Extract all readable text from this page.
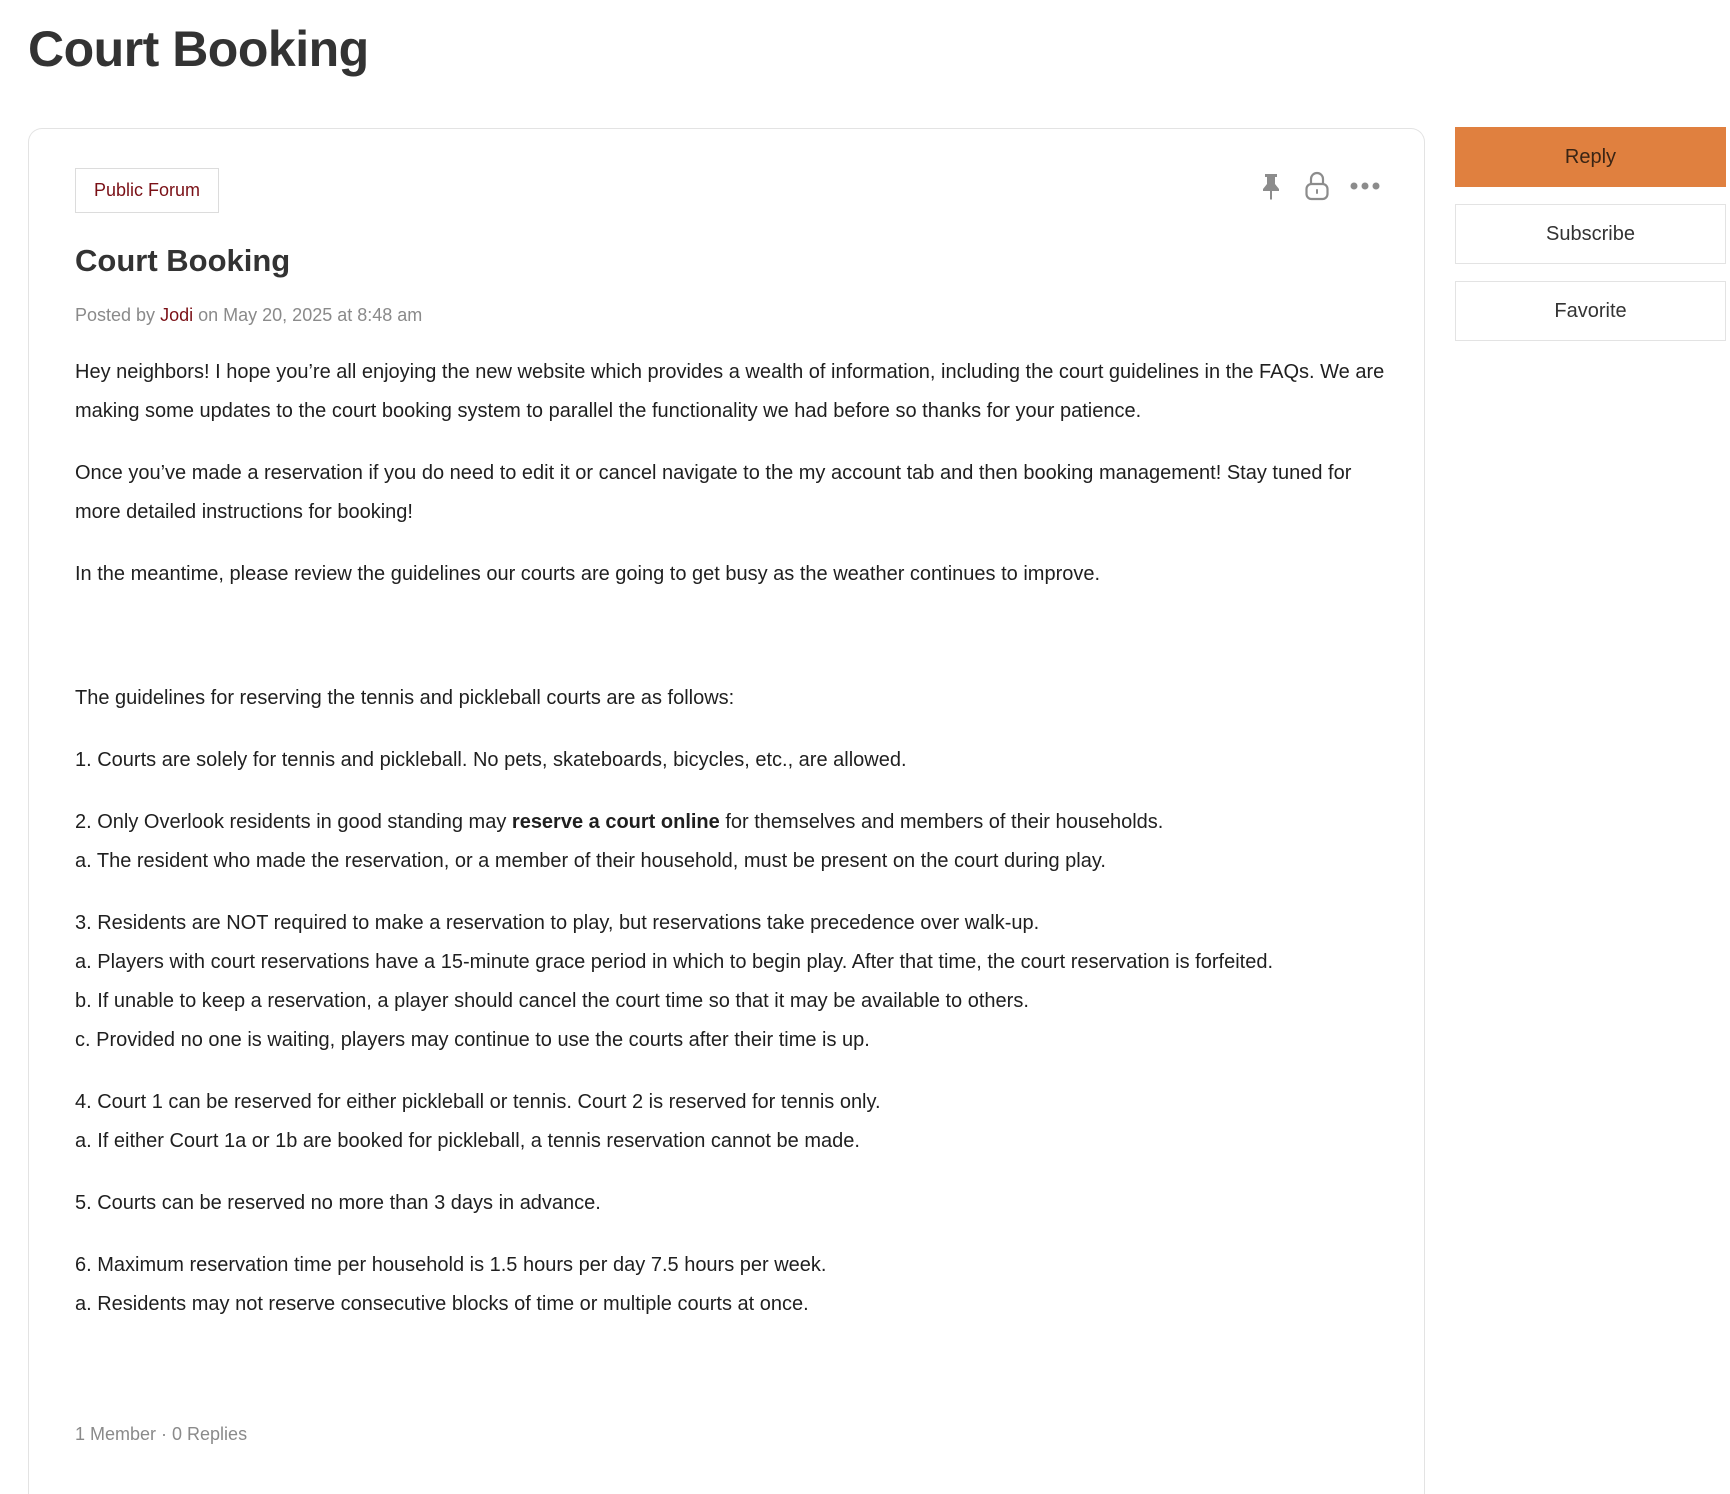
Court Booking
Public Forum
Court Booking
Posted by Jodi on May 20, 2025 at 8:48 am

Hey neighbors! I hope you’re all enjoying the new website which provides a wealth of information, including the court guidelines in the FAQs. We are making some updates to the court booking system to parallel the functionality we had before so thanks for your patience.

Once you’ve made a reservation if you do need to edit it or cancel navigate to the my account tab and then booking management! Stay tuned for more detailed instructions for booking!

In the meantime, please review the guidelines our courts are going to get busy as the weather continues to improve.

The guidelines for reserving the tennis and pickleball courts are as follows:

1. Courts are solely for tennis and pickleball. No pets, skateboards, bicycles, etc., are allowed.
2. Only Overlook residents in good standing may reserve a court online for themselves and members of their households.
a. The resident who made the reservation, or a member of their household, must be present on the court during play.
3. Residents are NOT required to make a reservation to play, but reservations take precedence over walk-up.
a. Players with court reservations have a 15-minute grace period in which to begin play. After that time, the court reservation is forfeited.
b. If unable to keep a reservation, a player should cancel the court time so that it may be available to others.
c. Provided no one is waiting, players may continue to use the courts after their time is up.
4. Court 1 can be reserved for either pickleball or tennis. Court 2 is reserved for tennis only.
a. If either Court 1a or 1b are booked for pickleball, a tennis reservation cannot be made.
5. Courts can be reserved no more than 3 days in advance.
6. Maximum reservation time per household is 1.5 hours per day 7.5 hours per week.
a. Residents may not reserve consecutive blocks of time or multiple courts at once.
1 Member · 0 Replies
Reply
Subscribe
Favorite
